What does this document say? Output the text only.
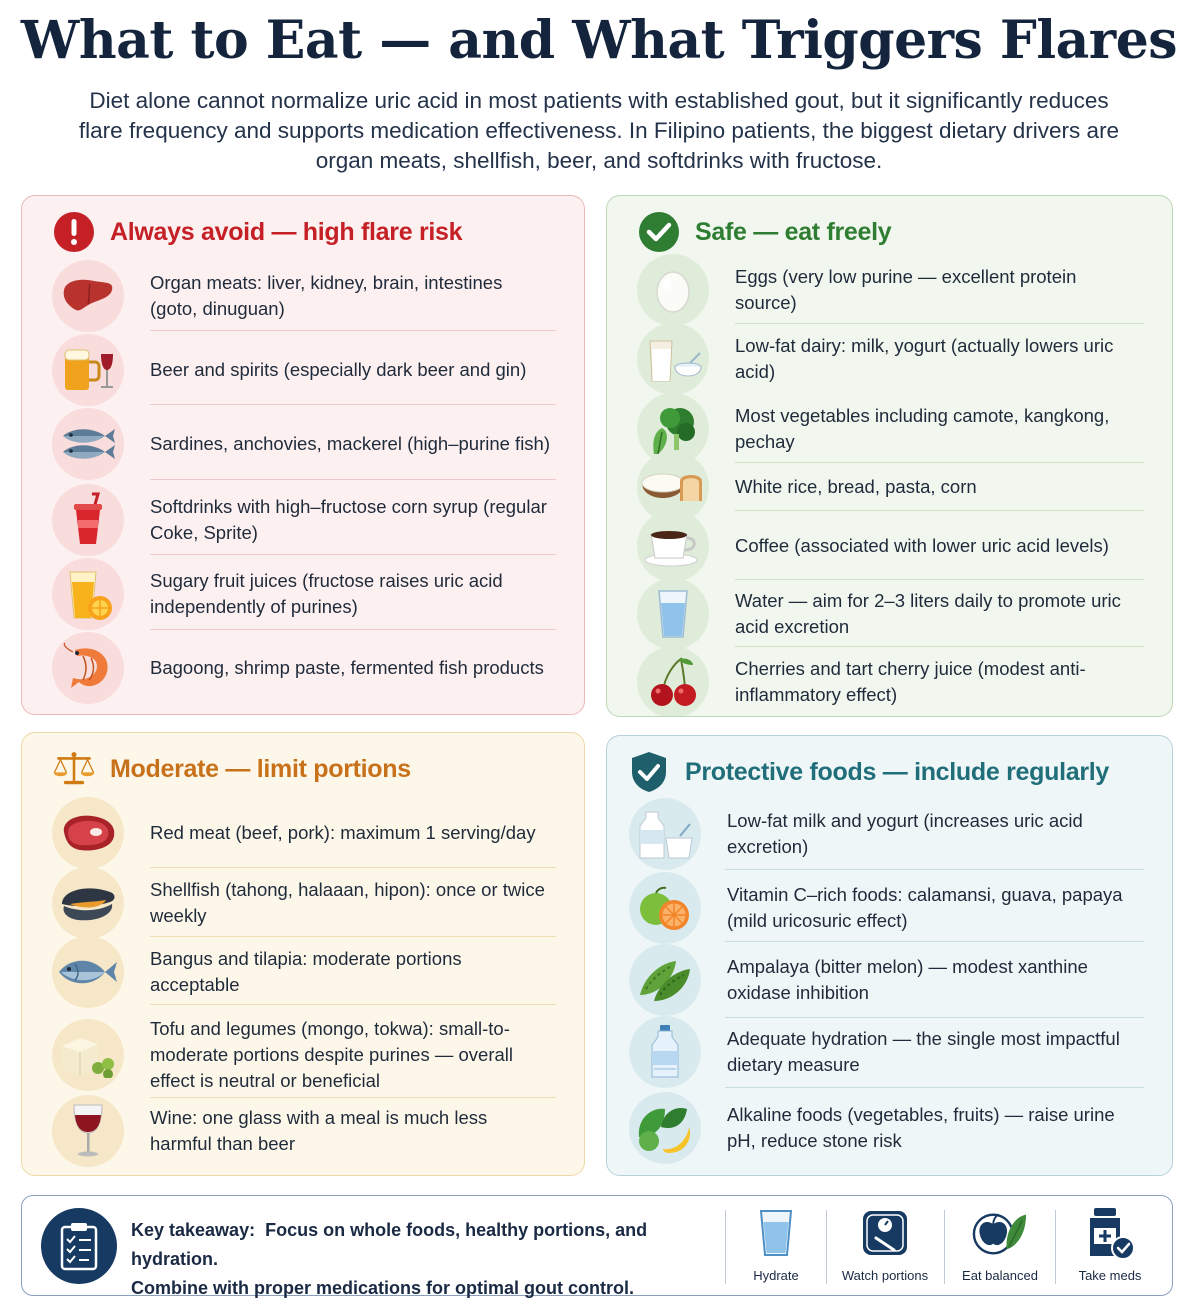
What to Eat — and What Triggers Flares
Diet alone cannot normalize uric acid in most patients with established gout, but it significantly reduces flare frequency and supports medication effectiveness. In Filipino patients, the biggest dietary drivers are organ meats, shellfish, beer, and softdrinks with fructose.
Always avoid — high flare risk
Organ meats: liver, kidney, brain, intestines (goto, dinuguan)
Beer and spirits (especially dark beer and gin)
Sardines, anchovies, mackerel (high–purine fish)
Softdrinks with high–fructose corn syrup (regular Coke, Sprite)
Sugary fruit juices (fructose raises uric acid independently of purines)
Bagoong, shrimp paste, fermented fish products
Safe — eat freely
Eggs (very low purine — excellent protein source)
Low-fat dairy: milk, yogurt (actually lowers uric acid)
Most vegetables including camote, kangkong, pechay
White rice, bread, pasta, corn
Coffee (associated with lower uric acid levels)
Water — aim for 2–3 liters daily to promote uric acid excretion
Cherries and tart cherry juice (modest anti-inflammatory effect)
Moderate — limit portions
Red meat (beef, pork): maximum 1 serving/day
Shellfish (tahong, halaaan, hipon): once or twice weekly
Bangus and tilapia: moderate portions acceptable
Tofu and legumes (mongo, tokwa): small-to-moderate portions despite purines — overall effect is neutral or beneficial
Wine: one glass with a meal is much less harmful than beer
Protective foods — include regularly
Low-fat milk and yogurt (increases uric acid excretion)
Vitamin C–rich foods: calamansi, guava, papaya (mild uricosuric effect)
Ampalaya (bitter melon) — modest xanthine oxidase inhibition
Adequate hydration — the single most impactful dietary measure
Alkaline foods (vegetables, fruits) — raise urine pH, reduce stone risk
Key takeaway: Focus on whole foods, healthy portions, and hydration.
Combine with proper medications for optimal gout control.
Hydrate	Watch portions	Eat balanced	Take meds
